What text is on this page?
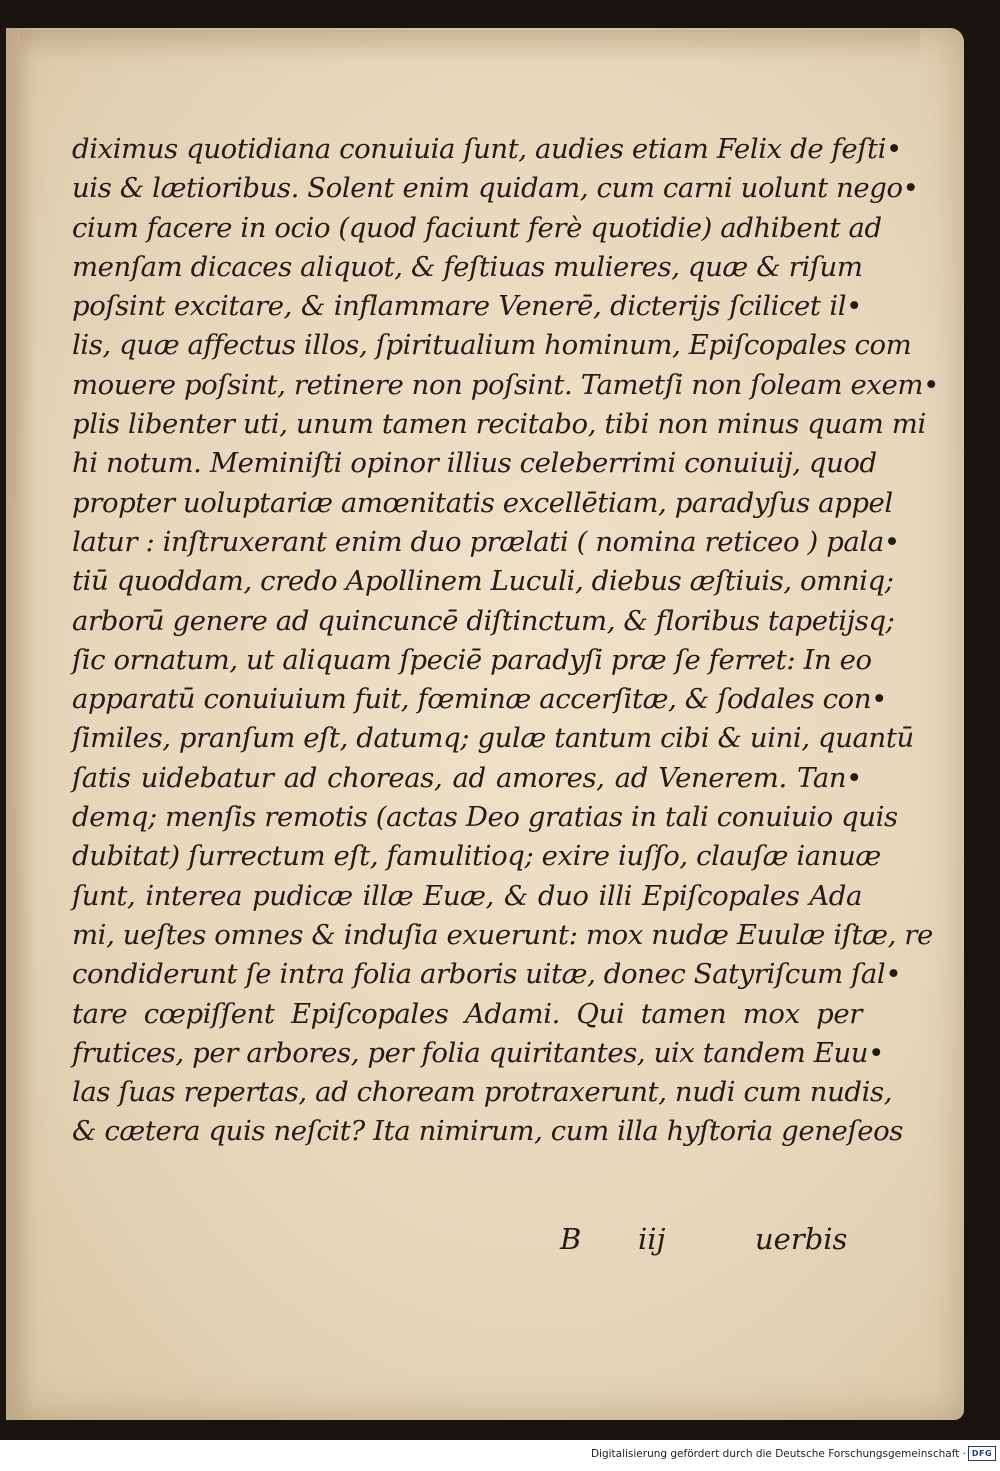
diximus quotidiana conuiuia ſunt, audies etiam Felix de feſti•
uis & lætioribus. Solent enim quidam, cum carni uolunt nego•
cium facere in ocio (quod faciunt ferè quotidie) adhibent ad
menſam dicaces aliquot, & feſtiuas mulieres, quæ & riſum
poſsint excitare, & inflammare Venerē, dicterijs ſcilicet il•
lis, quæ affectus illos, ſpiritualium hominum, Epiſcopales com
mouere poſsint, retinere non poſsint. Tametſi non ſoleam exem•
plis libenter uti, unum tamen recitabo, tibi non minus quam mi
hi notum. Meminiſti opinor illius celeberrimi conuiuij, quod
propter uoluptariæ amœnitatis excellētiam, paradyſus appel
latur : inſtruxerant enim duo prælati ( nomina reticeo ) pala•
tiū quoddam, credo Apollinem Luculi, diebus æſtiuis, omniq;
arborū genere ad quincuncē diſtinctum, & floribus tapetijsq;
ſic ornatum, ut aliquam ſpeciē paradyſi præ ſe ferret: In eo
apparatū conuiuium fuit, fœminæ accerſitæ, & ſodales con•
ſimiles, pranſum eſt, datumq; gulæ tantum cibi & uini, quantū
ſatis uidebatur ad choreas, ad amores, ad Venerem. Tan•
demq; menſis remotis (actas Deo gratias in tali conuiuio quis
dubitat) ſurrectum eſt, famulitioq; exire iuſſo, clauſæ ianuæ
ſunt, interea pudicæ illæ Euæ, & duo illi Epiſcopales Ada
mi, ueſtes omnes & induſia exuerunt: mox nudæ Euulæ iſtæ, re
condiderunt ſe intra folia arboris uitæ, donec Satyriſcum ſal•
tare cœpiſſent Epiſcopales Adami. Qui tamen mox per
frutices, per arbores, per folia quiritantes, uix tandem Euu•
las ſuas repertas, ad choream protraxerunt, nudi cum nudis,
& cætera quis neſcit? Ita nimirum, cum illa hyſtoria geneſeos
B iij	uerbis
Digitalisierung gefördert durch die Deutsche Forschungsgemeinschaft · DFG
